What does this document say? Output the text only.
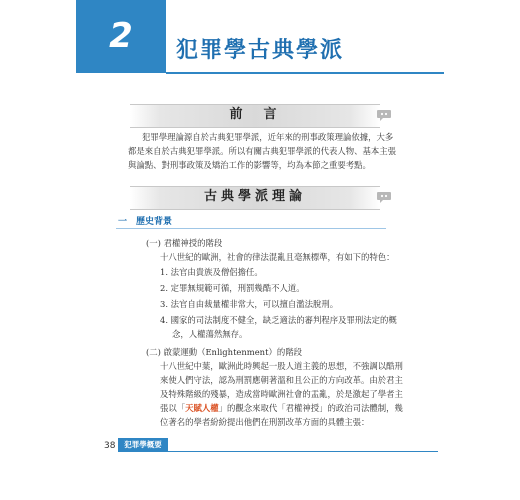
2	犯罪學古典學派
前　言
犯罪學理論源自於古典犯罪學派，近年來的刑事政策理論依據，大多
都是來自於古典犯罪學派。所以有關古典犯罪學派的代表人物、基本主張
與論點、對刑事政策及矯治工作的影響等，均為本節之重要考點。
古典學派理論
一　歷史背景
(一) 君權神授的階段
十八世紀的歐洲，社會的律法混亂且毫無標準，有如下的特色：
1. 法官由貴族及僧侶擔任。
2. 定罪無規範可循，刑罰幾酷不人道。
3. 法官自由裁量權非常大，可以擅自濫法脫刑。
4. 國家的司法制度不健全，缺乏適法的審判程序及罪刑法定的概
念，人權蕩然無存。
(二) 啟蒙運動（Enlightenment）的階段
十八世紀中葉，歐洲此時興起一股人道主義的思想，不強調以酷刑
來使人們守法，認為刑罰應朝著溫和且公正的方向改革。由於君主
及特殊階級的殘暴，造成當時歐洲社會的盂亂，於是激起了學者主
張以「天賦人權」的觀念來取代「君權神授」的政治司法體制，幾
位著名的學者紛紛提出他們在刑罰改革方面的具體主張：
38	犯罪學概要
